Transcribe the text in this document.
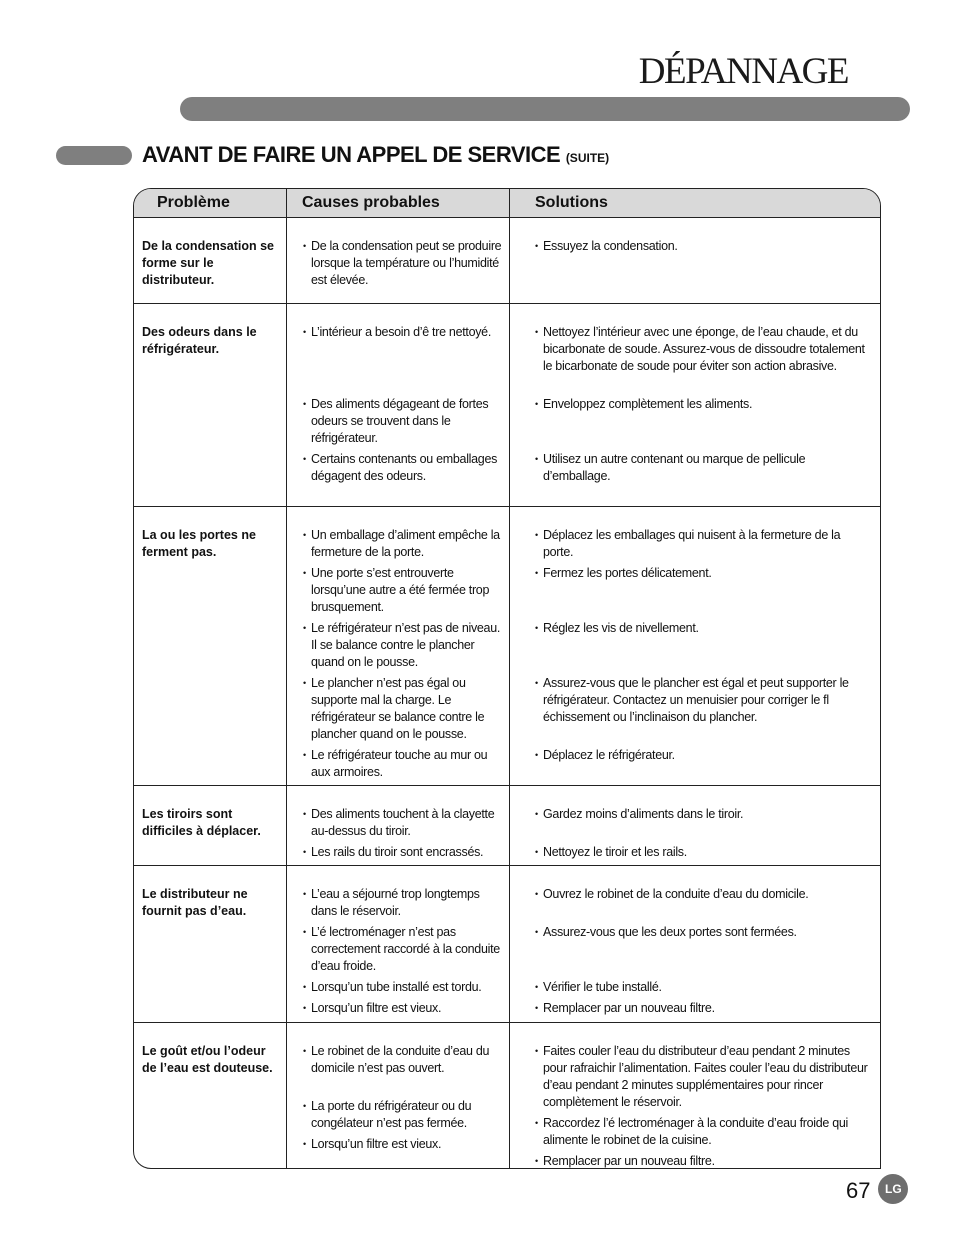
DÉPANNAGE
AVANT DE FAIRE UN APPEL DE SERVICE (SUITE)
Problème	Causes probables	Solutions
De la condensation se forme sur le distributeur.
• De la condensation peut se produire lorsque la température ou l’humidité est élevée.
• Essuyez la condensation.
Des odeurs dans le réfrigérateur.
• L’intérieur a besoin d’ê tre nettoyé.
• Des aliments dégageant de fortes odeurs se trouvent dans le réfrigérateur.
• Certains contenants ou emballages dégagent des odeurs.
• Nettoyez l’intérieur avec une éponge, de l’eau chaude, et du bicarbonate de soude. Assurez-vous de dissoudre totalement le bicarbonate de soude pour éviter son action abrasive.
• Enveloppez complètement les aliments.
• Utilisez un autre contenant ou marque de pellicule d’emballage.
La ou les portes ne ferment pas.
• Un emballage d’aliment empêche la fermeture de la porte.
• Une porte s’est entrouverte lorsqu’une autre a été fermée trop brusquement.
• Le réfrigérateur n’est pas de niveau. Il se balance contre le plancher quand on le pousse.
• Le plancher n’est pas égal ou supporte mal la charge. Le réfrigérateur se balance contre le plancher quand on le pousse.
• Le réfrigérateur touche au mur ou aux armoires.
• Déplacez les emballages qui nuisent à la fermeture de la porte.
• Fermez les portes délicatement.
• Réglez les vis de nivellement.
• Assurez-vous que le plancher est égal et peut supporter le réfrigérateur. Contactez un menuisier pour corriger le fl échissement ou l’inclinaison du plancher.
• Déplacez le réfrigérateur.
Les tiroirs sont difficiles à déplacer.
• Des aliments touchent à la clayette au-dessus du tiroir.
• Les rails du tiroir sont encrassés.
• Gardez moins d’aliments dans le tiroir.
• Nettoyez le tiroir et les rails.
Le distributeur ne fournit pas d’eau.
• L’eau a séjourné trop longtemps dans le réservoir.
• L’é lectroménager n’est pas correctement raccordé à la conduite d’eau froide.
• Lorsqu’un tube installé est tordu.
• Lorsqu’un filtre est vieux.
• Ouvrez le robinet de la conduite d’eau du domicile.
• Assurez-vous que les deux portes sont fermées.
• Vérifier le tube installé.
• Remplacer par un nouveau filtre.
Le goût et/ou l’odeur de l’eau est douteuse.
• Le robinet de la conduite d’eau du domicile n’est pas ouvert.
• La porte du réfrigérateur ou du congélateur n’est pas fermée.
• Lorsqu’un filtre est vieux.
• Faites couler l’eau du distributeur d’eau pendant 2 minutes pour rafraichir l’alimentation. Faites couler l’eau du distributeur d’eau pendant 2 minutes supplémentaires pour rincer complètement le réservoir.
• Raccordez l’é lectroménager à la conduite d’eau froide qui alimente le robinet de la cuisine.
• Remplacer par un nouveau filtre.
67 LG
